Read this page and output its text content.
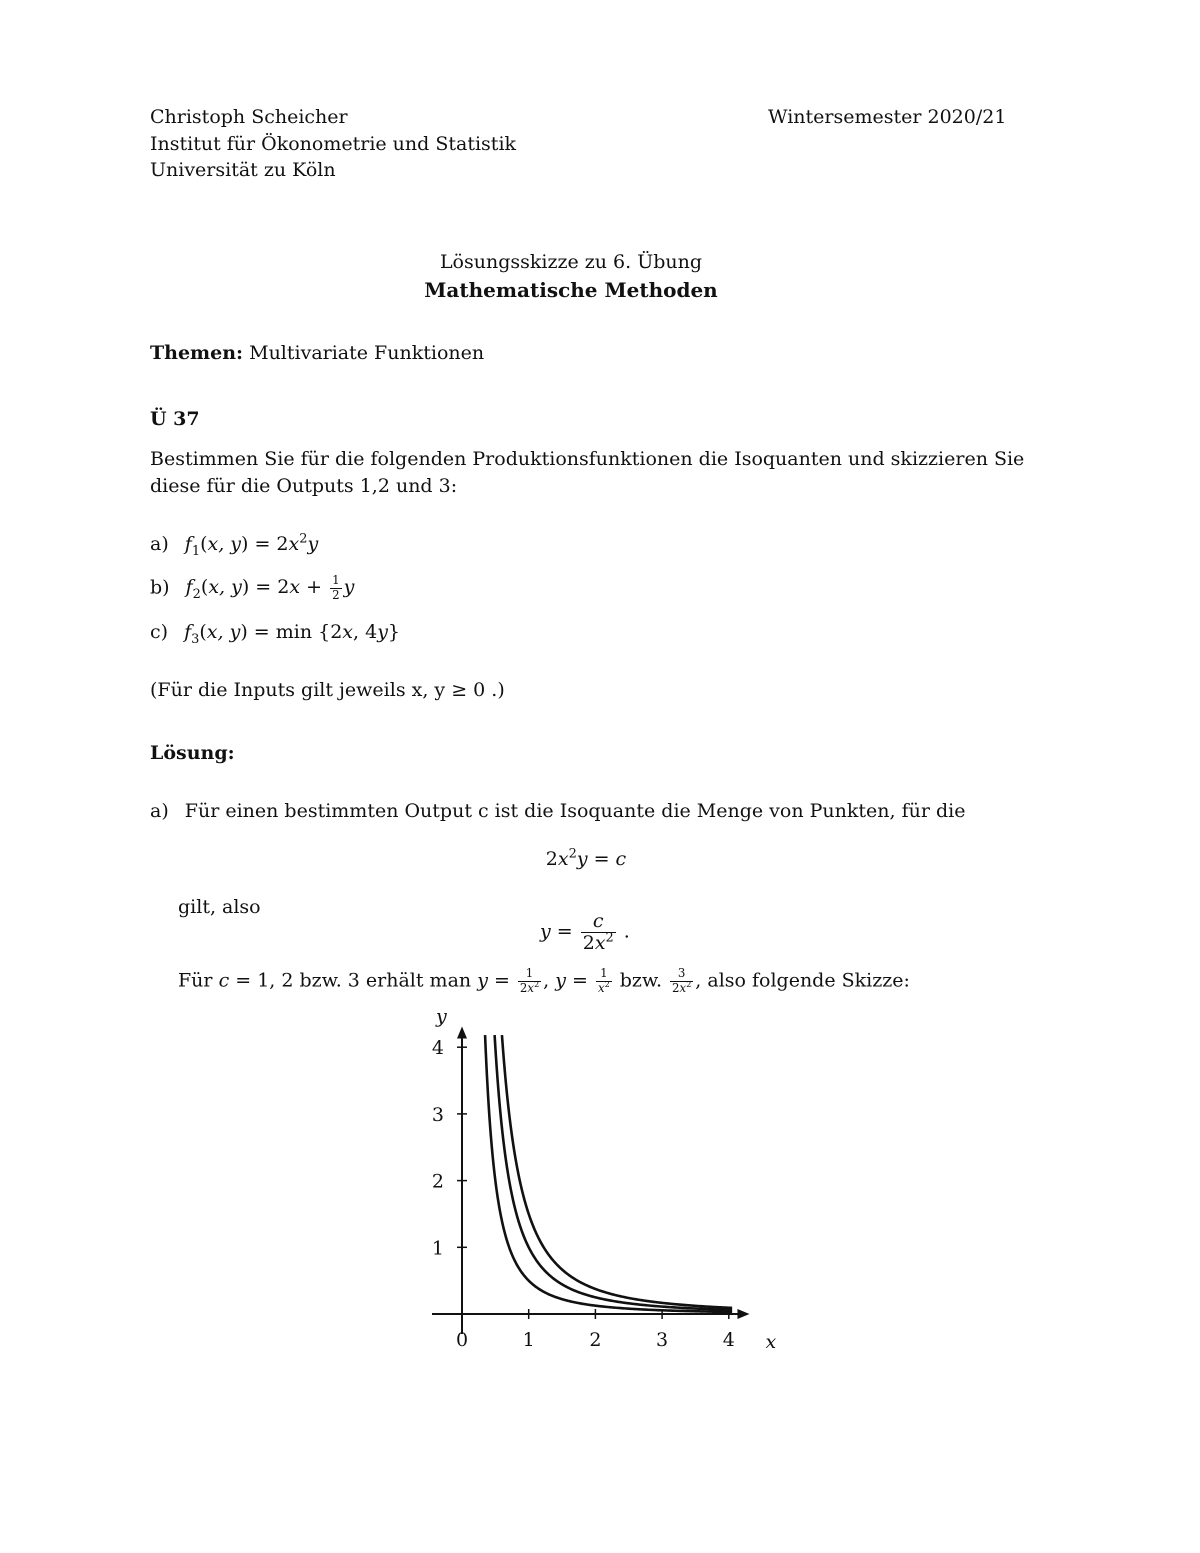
Christoph Scheicher
Institut für Ökonometrie und Statistik
Universität zu Köln
Wintersemester 2020/21
Lösungsskizze zu 6. Übung
Mathematische Methoden
Themen: Multivariate Funktionen
Ü 37
Bestimmen Sie für die folgenden Produktionsfunktionen die Isoquanten und skizzieren Sie
diese für die Outputs 1,2 und 3:
a) $f_1(x$, $y) = 2x^2y$
b) $f_2(x$, $y) = 2x + \frac{1}{2}$ y
c) $f_3(x$, y) = min {2x, 4y}
(Für die Inputs gilt jeweils x, y ≥ 0 .)
Lösung:
a) Für einen bestimmten Output c ist die Isoquante die Menge von Punkten, für die
$2x^2y = c$
gilt, also
$y = \frac{c}{2x^2}$ .
Für c = 1, 2 bzw. 3 erhält man $y = \frac{1}{2x^2}$ , $y = \frac{1}{x^2}$ bzw. $\frac{3}{2x^2}$ , also folgende Skizze:
0	1	2	3	4
1
2
3
4
x
y
